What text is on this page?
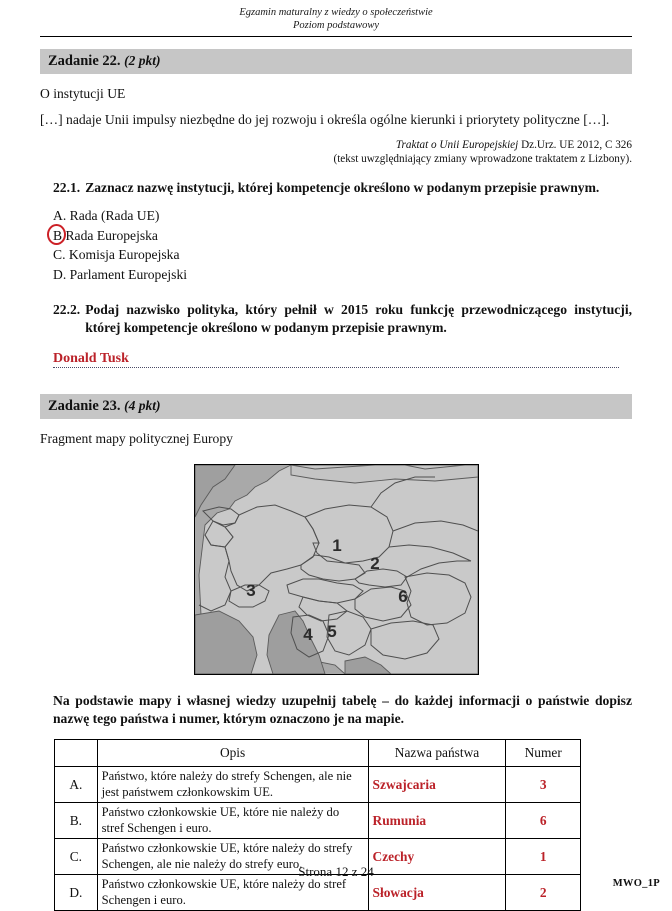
Egzamin maturalny z wiedzy o społeczeństwie
Poziom podstawowy
Zadanie 22. (2 pkt)

O instytucji UE

[…] nadaje Unii impulsy niezbędne do jej rozwoju i określa ogólne kierunki i priorytety polityczne […].

Traktat o Unii Europejskiej Dz.Urz. UE 2012, C 326
(tekst uwzględniający zmiany wprowadzone traktatem z Lizbony).
22.1. Zaznacz nazwę instytucji, której kompetencje określono w podanym przepisie prawnym.
A. Rada (Rada UE)
B Rada Europejska
C. Komisja Europejska
D. Parlament Europejski
22.2. Podaj nazwisko polityka, który pełnił w 2015 roku funkcję przewodniczącego instytucji, której kompetencje określono w podanym przepisie prawnym.
Donald Tusk
Zadanie 23. (4 pkt)

Fragment mapy politycznej Europy

1
2
3
4 5
6
Na podstawie mapy i własnej wiedzy uzupełnij tabelę – do każdej informacji o państwie dopisz nazwę tego państwa i numer, którym oznaczono je na mapie.
	Opis	Nazwa państwa	Numer
A.	Państwo, które należy do strefy Schengen, ale nie jest państwem członkowskim UE.	Szwajcaria	3
B.	Państwo członkowskie UE, które nie należy do stref Schengen i euro.	Rumunia	6
C.	Państwo członkowskie UE, które należy do strefy Schengen, ale nie należy do strefy euro.	Czechy	1
D.	Państwo członkowskie UE, które należy do stref Schengen i euro.	Słowacja	2
Strona 12 z 24
MWO_1P
